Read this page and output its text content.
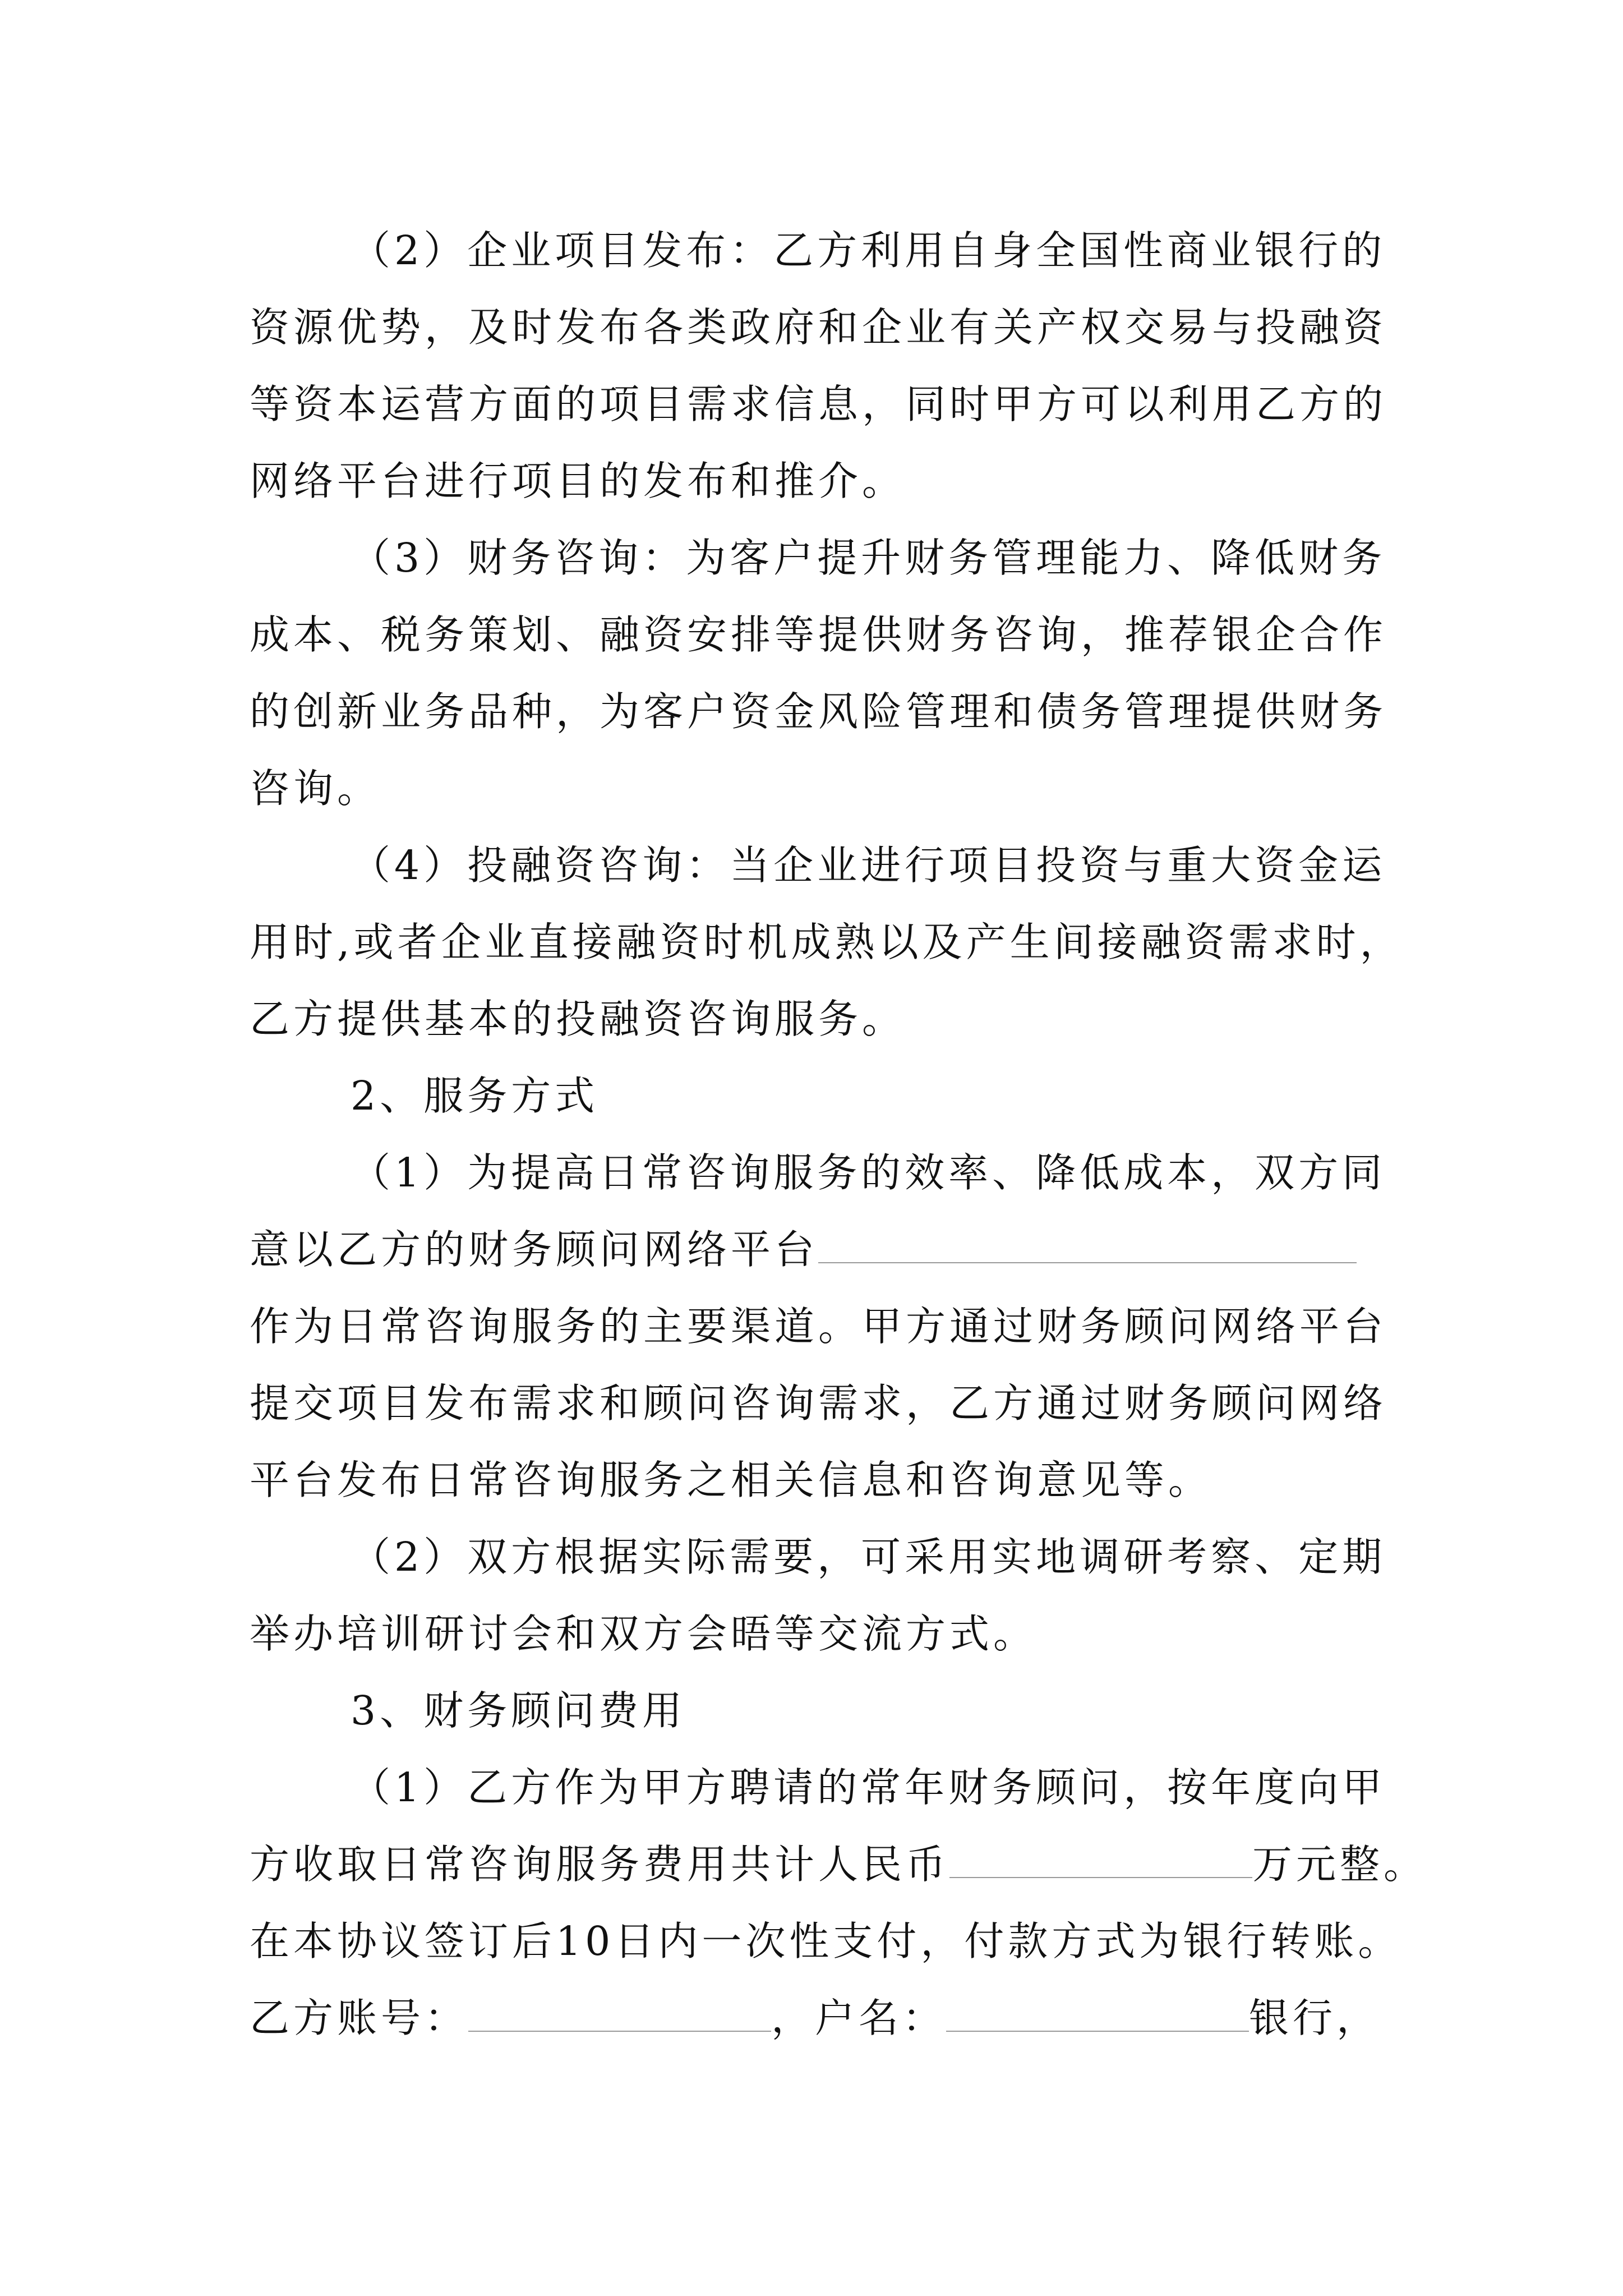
（2）企业项目发布：乙方利用自身全国性商业银行的
资源优势，及时发布各类政府和企业有关产权交易与投融资
等资本运营方面的项目需求信息，同时甲方可以利用乙方的
网络平台进行项目的发布和推介。
（3）财务咨询：为客户提升财务管理能力、降低财务
成本、税务策划、融资安排等提供财务咨询，推荐银企合作
的创新业务品种，为客户资金风险管理和债务管理提供财务
咨询。
（4）投融资咨询：当企业进行项目投资与重大资金运
用时,或者企业直接融资时机成熟以及产生间接融资需求时，
乙方提供基本的投融资咨询服务。
2、服务方式
（1）为提高日常咨询服务的效率、降低成本，双方同
意以乙方的财务顾问网络平台
作为日常咨询服务的主要渠道。甲方通过财务顾问网络平台
提交项目发布需求和顾问咨询需求，乙方通过财务顾问网络
平台发布日常咨询服务之相关信息和咨询意见等。
（2）双方根据实际需要，可采用实地调研考察、定期
举办培训研讨会和双方会晤等交流方式。
3、财务顾问费用
（1）乙方作为甲方聘请的常年财务顾问，按年度向甲
方收取日常咨询服务费用共计人民币	万元整。
在本协议签订后10日内一次性支付，付款方式为银行转账。
乙方账号：	，户名：	银行，
